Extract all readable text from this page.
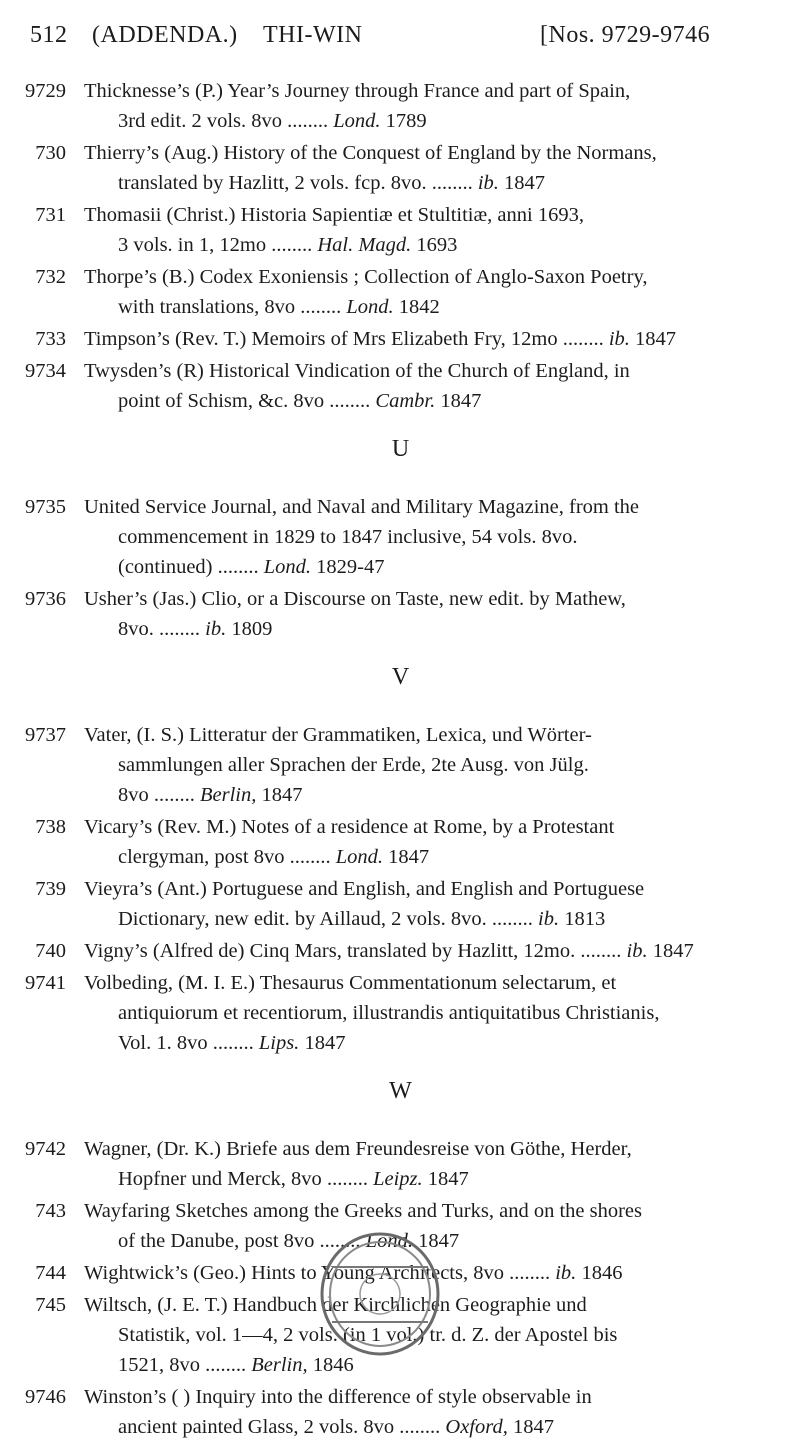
512 (ADDENDA.) THI-WIN	[Nos. 9729-9746
9729 Thicknesse’s (P.) Year’s Journey through France and part of Spain,
3rd edit. 2 vols. 8vo ........ Lond. 1789
730 Thierry’s (Aug.) History of the Conquest of England by the Normans,
translated by Hazlitt, 2 vols. fcp. 8vo. ........ ib. 1847
731 Thomasii (Christ.) Historia Sapientiæ et Stultitiæ, anni 1693,
3 vols. in 1, 12mo ........ Hal. Magd. 1693
732 Thorpe’s (B.) Codex Exoniensis ; Collection of Anglo-Saxon Poetry,
with translations, 8vo ........ Lond. 1842
733 Timpson’s (Rev. T.) Memoirs of Mrs Elizabeth Fry, 12mo ........ ib. 1847
9734 Twysden’s (R) Historical Vindication of the Church of England, in
point of Schism, &c. 8vo ........ Cambr. 1847
U
9735 United Service Journal, and Naval and Military Magazine, from the
commencement in 1829 to 1847 inclusive, 54 vols. 8vo.
(continued) ........ Lond. 1829-47
9736 Usher’s (Jas.) Clio, or a Discourse on Taste, new edit. by Mathew,
8vo. ........ ib. 1809
V
9737 Vater, (I. S.) Litteratur der Grammatiken, Lexica, und Wörter-
sammlungen aller Sprachen der Erde, 2te Ausg. von Jülg.
8vo ........ Berlin, 1847
738 Vicary’s (Rev. M.) Notes of a residence at Rome, by a Protestant
clergyman, post 8vo ........ Lond. 1847
739 Vieyra’s (Ant.) Portuguese and English, and English and Portuguese
Dictionary, new edit. by Aillaud, 2 vols. 8vo. ........ ib. 1813
740 Vigny’s (Alfred de) Cinq Mars, translated by Hazlitt, 12mo. ........ ib. 1847
9741 Volbeding, (M. I. E.) Thesaurus Commentationum selectarum, et
antiquiorum et recentiorum, illustrandis antiquitatibus Christianis,
Vol. 1. 8vo ........ Lips. 1847
W
9742 Wagner, (Dr. K.) Briefe aus dem Freundesreise von Göthe, Herder,
Hopfner und Merck, 8vo ........ Leipz. 1847
743 Wayfaring Sketches among the Greeks and Turks, and on the shores
of the Danube, post 8vo ........ Lond. 1847
744 Wightwick’s (Geo.) Hints to Young Architects, 8vo ........ ib. 1846
745 Wiltsch, (J. E. T.) Handbuch der Kirchlichen Geographie und
Statistik, vol. 1—4, 2 vols. (in 1 vol.) tr. d. Z. der Apostel bis
1521, 8vo ........ Berlin, 1846
9746 Winston’s ( ) Inquiry into the difference of style observable in
ancient painted Glass, 2 vols. 8vo ........ Oxford, 1847
